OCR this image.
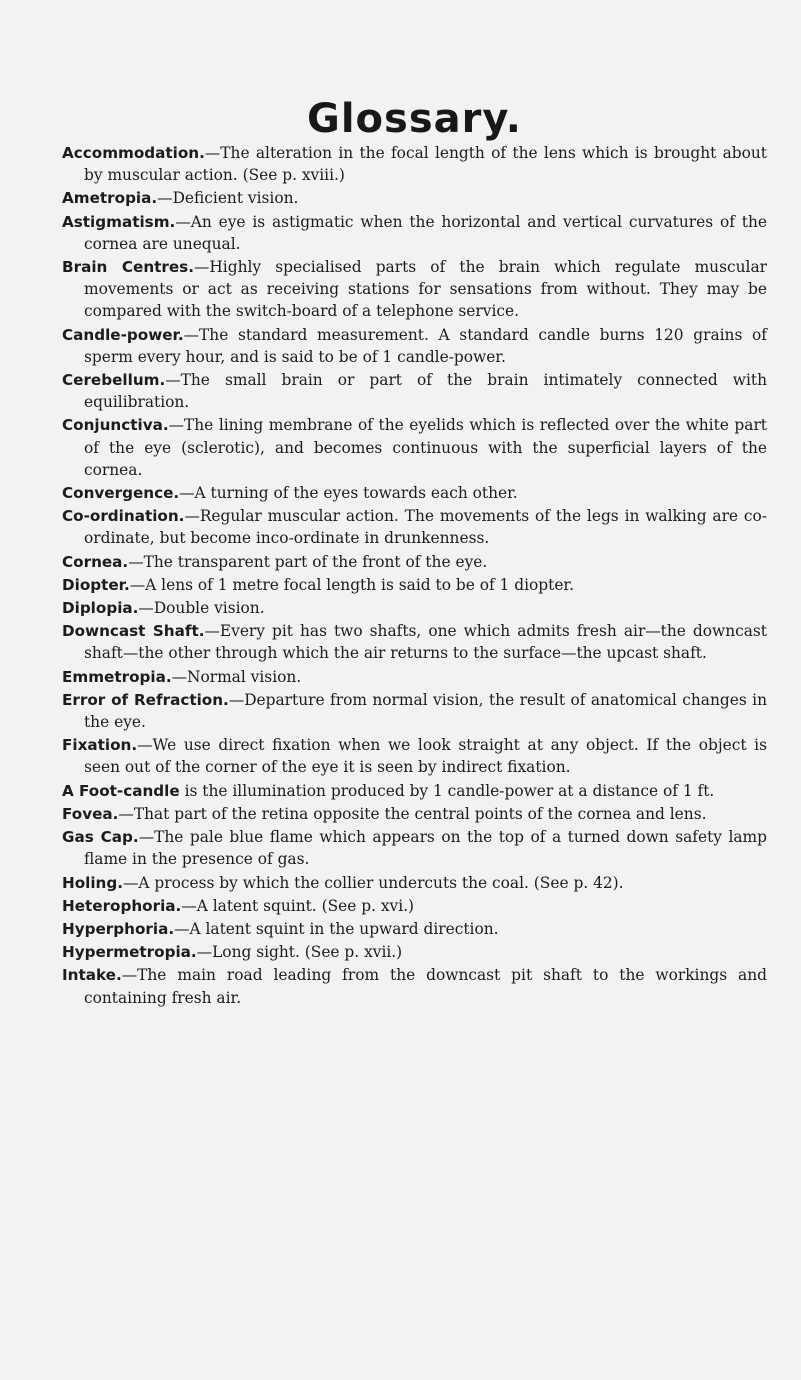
Glossary.

Accommodation.—The alteration in the focal length of the lens which is brought about by muscular action. (See p. xviii.)

Ametropia.—Deficient vision.

Astigmatism.—An eye is astigmatic when the horizontal and vertical curvatures of the cornea are unequal.

Brain Centres.—Highly specialised parts of the brain which regulate muscular movements or act as receiving stations for sensations from without. They may be compared with the switch-board of a telephone service.

Candle-power.—The standard measurement. A standard candle burns 120 grains of sperm every hour, and is said to be of 1 candle-power.

Cerebellum.—The small brain or part of the brain intimately connected with equilibration.

Conjunctiva.—The lining membrane of the eyelids which is reflected over the white part of the eye (sclerotic), and becomes continuous with the superficial layers of the cornea.

Convergence.—A turning of the eyes towards each other.

Co-ordination.—Regular muscular action. The movements of the legs in walking are co-ordinate, but become inco-ordinate in drunkenness.

Cornea.—The transparent part of the front of the eye.

Diopter.—A lens of 1 metre focal length is said to be of 1 diopter.

Diplopia.—Double vision.

Downcast Shaft.—Every pit has two shafts, one which admits fresh air—the downcast shaft—the other through which the air returns to the surface—the upcast shaft.

Emmetropia.—Normal vision.

Error of Refraction.—Departure from normal vision, the result of anatomical changes in the eye.

Fixation.—We use direct fixation when we look straight at any object. If the object is seen out of the corner of the eye it is seen by indirect fixation.

A Foot-candle is the illumination produced by 1 candle-power at a distance of 1 ft.

Fovea.—That part of the retina opposite the central points of the cornea and lens.

Gas Cap.—The pale blue flame which appears on the top of a turned down safety lamp flame in the presence of gas.

Holing.—A process by which the collier undercuts the coal. (See p. 42).

Heterophoria.—A latent squint. (See p. xvi.)

Hyperphoria.—A latent squint in the upward direction.

Hypermetropia.—Long sight. (See p. xvii.)

Intake.—The main road leading from the downcast pit shaft to the workings and containing fresh air.
